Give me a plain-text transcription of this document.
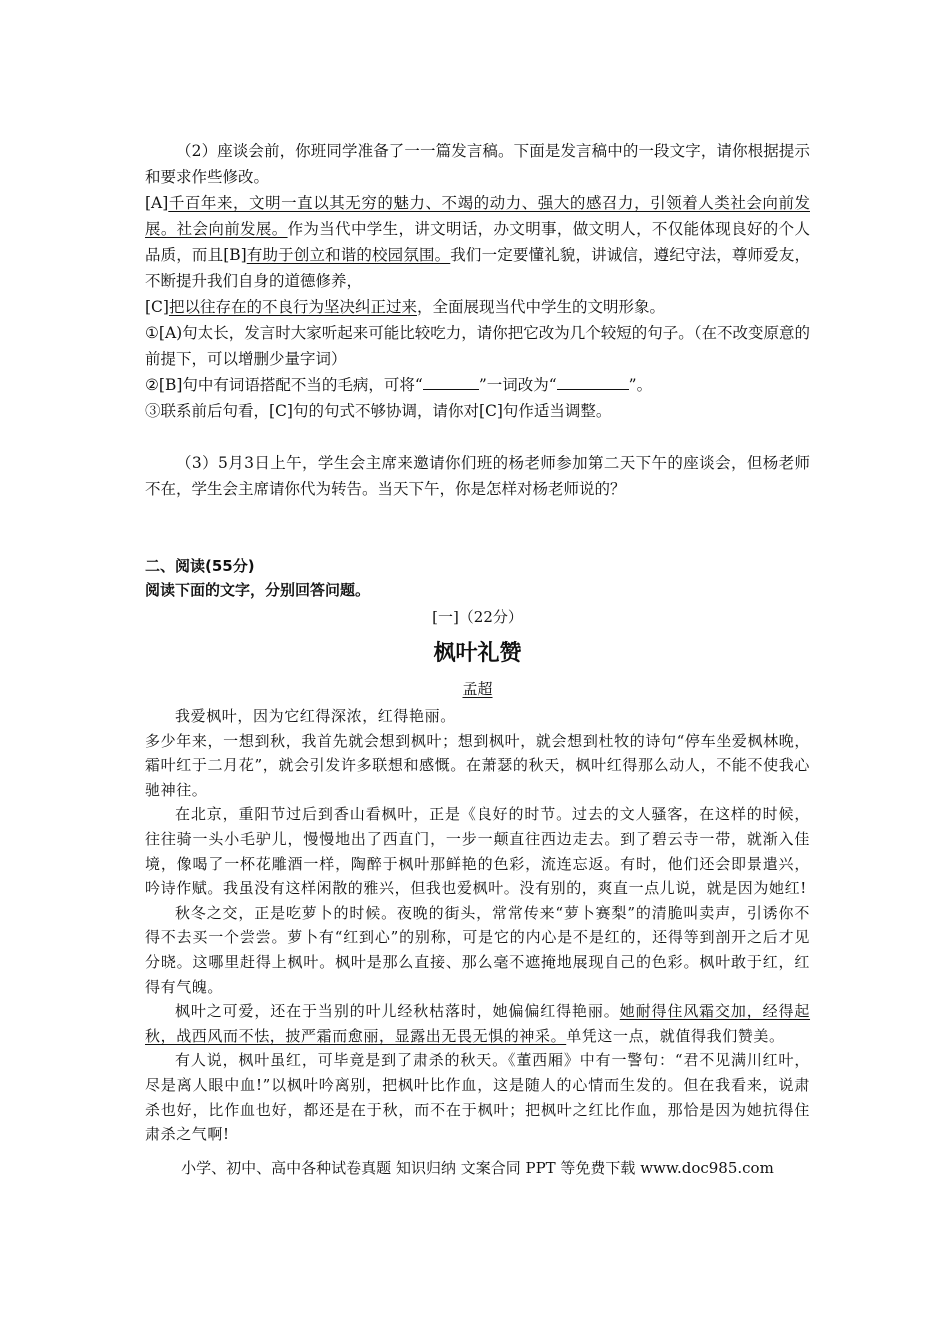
（2）座谈会前，你班同学准备了一一篇发言稿。下面是发言稿中的一段文字，请你根据提示和要求作些修改。

[A]千百年来，文明一直以其无穷的魅力、不竭的动力、强大的感召力，引领着人类社会向前发展。社会向前发展。作为当代中学生，讲文明话，办文明事，做文明人，不仅能体现良好的个人品质，而且[B]有助于创立和谐的校园氛围。我们一定要懂礼貌，讲诚信，遵纪守法，尊师爱友，不断提升我们自身的道德修养，

[C]把以往存在的不良行为坚决纠正过来，全面展现当代中学生的文明形象。

①[A)句太长，发言时大家听起来可能比较吃力，请你把它改为几个较短的句子。（在不改变原意的前提下，可以增删少量字词）

②[B]句中有词语搭配不当的毛病，可将“	”一词改为“	”。

③联系前后句看，[C]句的句式不够协调，请你对[C]句作适当调整。

（3）5月3日上午，学生会主席来邀请你们班的杨老师参加第二天下午的座谈会，但杨老师不在，学生会主席请你代为转告。当天下午，你是怎样对杨老师说的？

二、阅读(55分)

阅读下面的文字，分别回答问题。

[一]（22分）

枫叶礼赞

孟超

我爱枫叶，因为它红得深浓，红得艳丽。

多少年来，一想到秋，我首先就会想到枫叶；想到枫叶，就会想到杜牧的诗句“停车坐爱枫林晚，霜叶红于二月花”，就会引发许多联想和感慨。在萧瑟的秋天，枫叶红得那么动人，不能不使我心驰神往。

在北京，重阳节过后到香山看枫叶，正是《良好的时节。过去的文人骚客，在这样的时候，往往骑一头小毛驴儿，慢慢地出了西直门，一步一颠直往西边走去。到了碧云寺一带，就渐入佳境，像喝了一杯花雕酒一样，陶醉于枫叶那鲜艳的色彩，流连忘返。有时，他们还会即景遣兴，吟诗作赋。我虽没有这样闲散的雅兴，但我也爱枫叶。没有别的，爽直一点儿说，就是因为她红!

秋冬之交，正是吃萝卜的时候。夜晚的街头，常常传来“萝卜赛梨”的清脆叫卖声，引诱你不得不去买一个尝尝。萝卜有“红到心”的别称，可是它的内心是不是红的，还得等到剖开之后才见分晓。这哪里赶得上枫叶。枫叶是那么直接、那么毫不遮掩地展现自己的色彩。枫叶敢于红，红得有气魄。

枫叶之可爱，还在于当别的叶儿经秋枯落时，她偏偏红得艳丽。她耐得住风霜交加，经得起秋，战西风而不怯，披严霜而愈丽，显露出无畏无惧的神采。单凭这一点，就值得我们赞美。

有人说，枫叶虽红，可毕竟是到了肃杀的秋天。《董西厢》中有一警句：“君不见满川红叶，尽是离人眼中血!”以枫叶吟离别，把枫叶比作血，这是随人的心情而生发的。但在我看来，说肃杀也好，比作血也好，都还是在于秋，而不在于枫叶；把枫叶之红比作血，那恰是因为她抗得住肃杀之气啊!

小学、初中、高中各种试卷真题 知识归纳 文案合同 PPT 等免费下载 www.doc985.com
